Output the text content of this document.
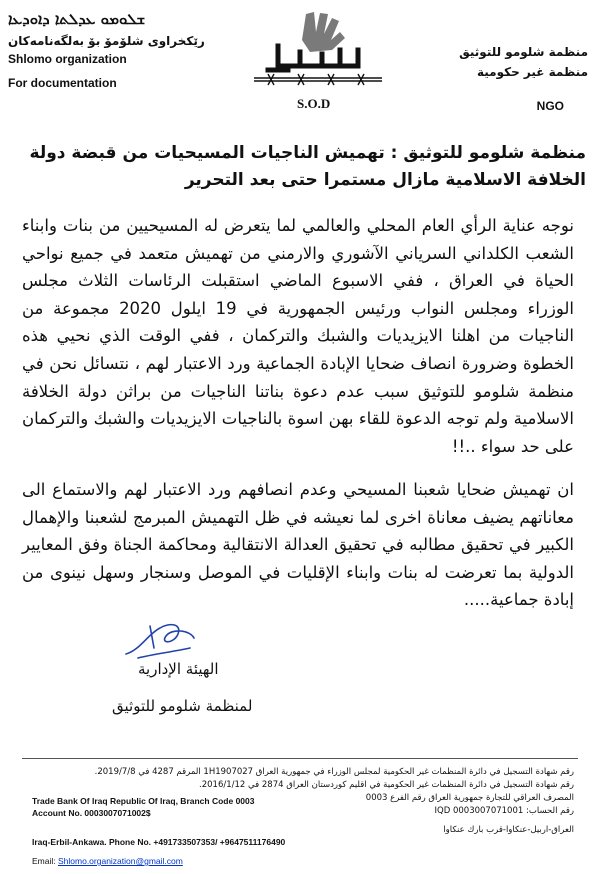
ܫܠܘܡܘ ܥܕܠܬܐ ܕܐܘܕܥܐ
رێکخراوی شلۆمۆ بۆ بەلگەنامەکان
Shlomo organization
For documentation
S.O.D
منظمة شلومو للتوثيق
منظمة غير حكومية
NGO
منظمة شلومو للتوثيق : تهميش الناجيات المسيحيات من قبضة دولة الخلافة الاسلامية مازال مستمرا حتى بعد التحرير
نوجه عناية الرأي العام المحلي والعالمي لما يتعرض له المسيحيين من بنات وابناء الشعب الكلداني السرياني الآشوري والارمني من تهميش متعمد في جميع نواحي الحياة في العراق ، ففي الاسبوع الماضي استقبلت الرئاسات الثلاث مجلس الوزراء ومجلس النواب ورئيس الجمهورية في 19 ايلول 2020 مجموعة من الناجيات من اهلنا الايزيديات والشبك والتركمان ، ففي الوقت الذي نحيي هذه الخطوة وضرورة انصاف ضحايا الإبادة الجماعية ورد الاعتبار لهم ، نتسائل نحن في منظمة شلومو للتوثيق سبب عدم دعوة بناتنا الناجيات من براثن دولة الخلافة الاسلامية ولم توجه الدعوة للقاء بهن اسوة بالناجيات الايزيديات والشبك والتركمان على حد سواء ..!!
ان تهميش ضحايا شعبنا المسيحي وعدم انصافهم ورد الاعتبار لهم والاستماع الى معاناتهم يضيف معاناة اخرى لما نعيشه في ظل التهميش المبرمج لشعبنا والإهمال الكبير في تحقيق مطالبه في تحقيق العدالة الانتقالية ومحاكمة الجناة وفق المعايير الدولية بما تعرضت له بنات وابناء الإقليات في الموصل وسنجار وسهل نينوى من إبادة جماعية.....
الهيئة الإدارية
لمنظمة شلومو للتوثيق
رقم شهادة التسجيل في دائرة المنظمات غير الحكومية لمجلس الوزراء في جمهورية العراق 1H1907027 المرقم 4287 في 2019/7/8.
رقم شهادة التسجيل في دائرة المنظمات غير الحكومية في اقليم كوردستان العراق 2874 في 2016/1/12.
المصرف العراقي للتجارة جمهورية العراق رقم الفرع 0003
رقم الحساب: 0003007071001 IQD
Trade Bank Of Iraq Republic Of Iraq, Branch Code 0003
Account No. 0003007071002$
العراق-اربيل-عنكاوا-قرب بارك عنكاوا
Iraq-Erbil-Ankawa. Phone No. +491733507353/ +9647511176490
Email: Shlomo.organization@gmail.com
